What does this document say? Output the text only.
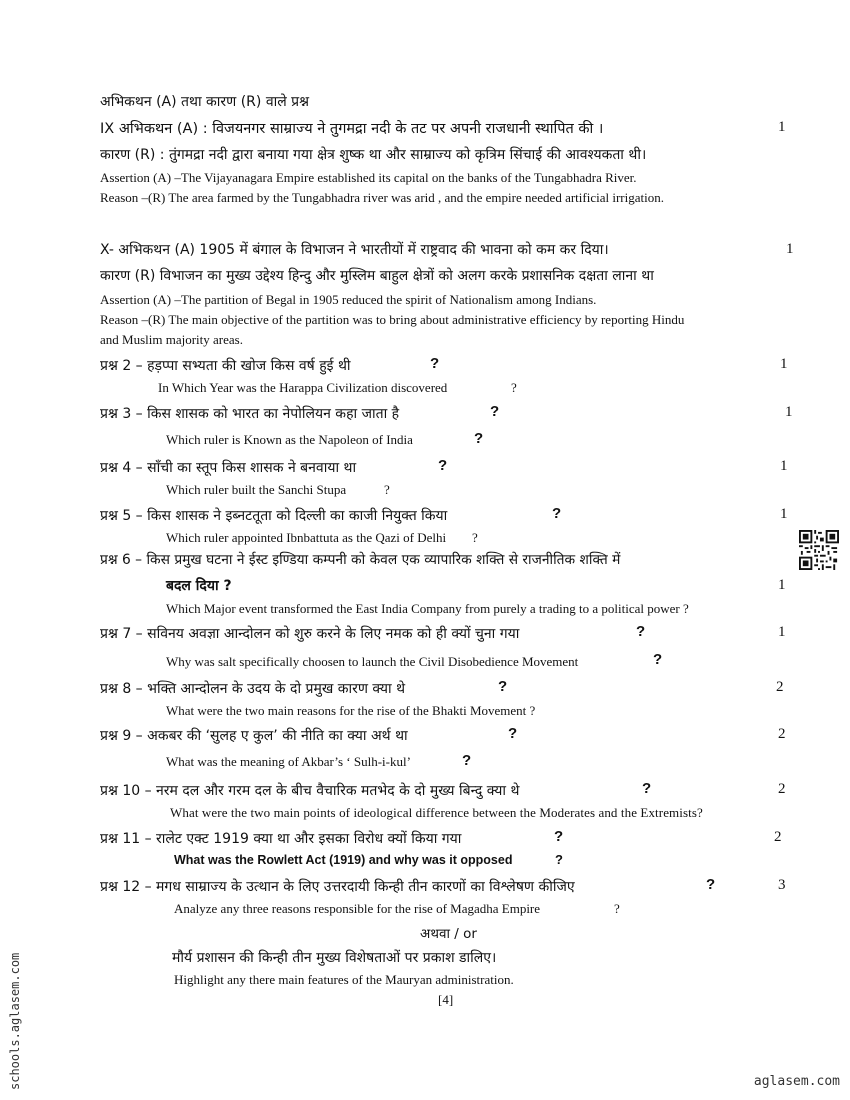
अभिकथन (A) तथा कारण (R) वाले प्रश्न
IX अभिकथन (A) : विजयनगर साम्राज्य ने तुगमद्रा नदी के तट पर अपनी राजधानी स्थापित की ।	1
कारण (R) : तुंगमद्रा नदी द्वारा बनाया गया क्षेत्र शुष्क था और साम्राज्य को कृत्रिम सिंचाई की आवश्यकता थी।
Assertion (A) –The Vijayanagara Empire established its capital on the banks of the Tungabhadra River.
Reason –(R) The area farmed by the Tungabhadra river was arid , and the empire needed artificial irrigation.
X- अभिकथन (A) 1905 में बंगाल के विभाजन ने भारतीयों में राष्ट्रवाद की भावना को कम कर दिया।	1
कारण (R) विभाजन का मुख्य उद्देश्य हिन्दु और मुस्लिम बाहुल क्षेत्रों को अलग करके प्रशासनिक दक्षता लाना था
Assertion (A) –The partition of Begal in 1905 reduced the spirit of Nationalism among Indians.
Reason –(R) The main objective of the partition was to bring about administrative efficiency by reporting Hindu
and Muslim majority areas.
प्रश्न 2 – हड़प्पा सभ्यता की खोज किस वर्ष हुई थी	?	1
In Which Year was the Harappa Civilization discovered	?
प्रश्न 3 – किस शासक को भारत का नेपोलियन कहा जाता है	?	1
Which ruler is Known as the Napoleon of India	?
प्रश्न 4 – साँची का स्तूप किस शासक ने बनवाया था	?	1
Which ruler built the Sanchi Stupa	?
प्रश्न 5 – किस शासक ने इब्नटतूता को दिल्ली का काजी नियुक्त किया	?	1
Which ruler appointed Ibnbattuta as the Qazi of Delhi ?
प्रश्न 6 – किस प्रमुख घटना ने ईस्ट इण्डिया कम्पनी को केवल एक व्यापारिक शक्ति से राजनीतिक शक्ति में
बदल दिया ?	1
Which Major event transformed the East India Company from purely a trading to a political power ?
प्रश्न 7 – सविनय अवज्ञा आन्दोलन को शुरु करने के लिए नमक को ही क्यों चुना गया	?	1
Why was salt specifically choosen to launch the Civil Disobedience Movement	?
प्रश्न 8 – भक्ति आन्दोलन के उदय के दो प्रमुख कारण क्या थे	?	2
What were the two main reasons for the rise of the Bhakti Movement ?
प्रश्न 9 – अकबर की ‘सुलह ए कुल’ की नीति का क्या अर्थ था	?	2
What was the meaning of Akbar’s ‘ Sulh-i-kul’	?
प्रश्न 10 – नरम दल और गरम दल के बीच वैचारिक मतभेद के दो मुख्य बिन्दु क्या थे	?	2
What were the two main points of ideological difference between the Moderates and the Extremists?
प्रश्न 11 – रालेट एक्ट 1919 क्या था और इसका विरोध क्यों किया गया	?	2
What was the Rowlett Act (1919) and why was it opposed	?
प्रश्न 12 – मगध साम्राज्य के उत्थान के लिए उत्तरदायी किन्ही तीन कारणों का विश्लेषण कीजिए	?	3
Analyze any three reasons responsible for the rise of Magadha Empire	?
अथवा / or
मौर्य प्रशासन की किन्ही तीन मुख्य विशेषताओं पर प्रकाश डालिए।
Highlight any there main features of the Mauryan administration.
[4]
schools.aglasem.com	aglasem.com
